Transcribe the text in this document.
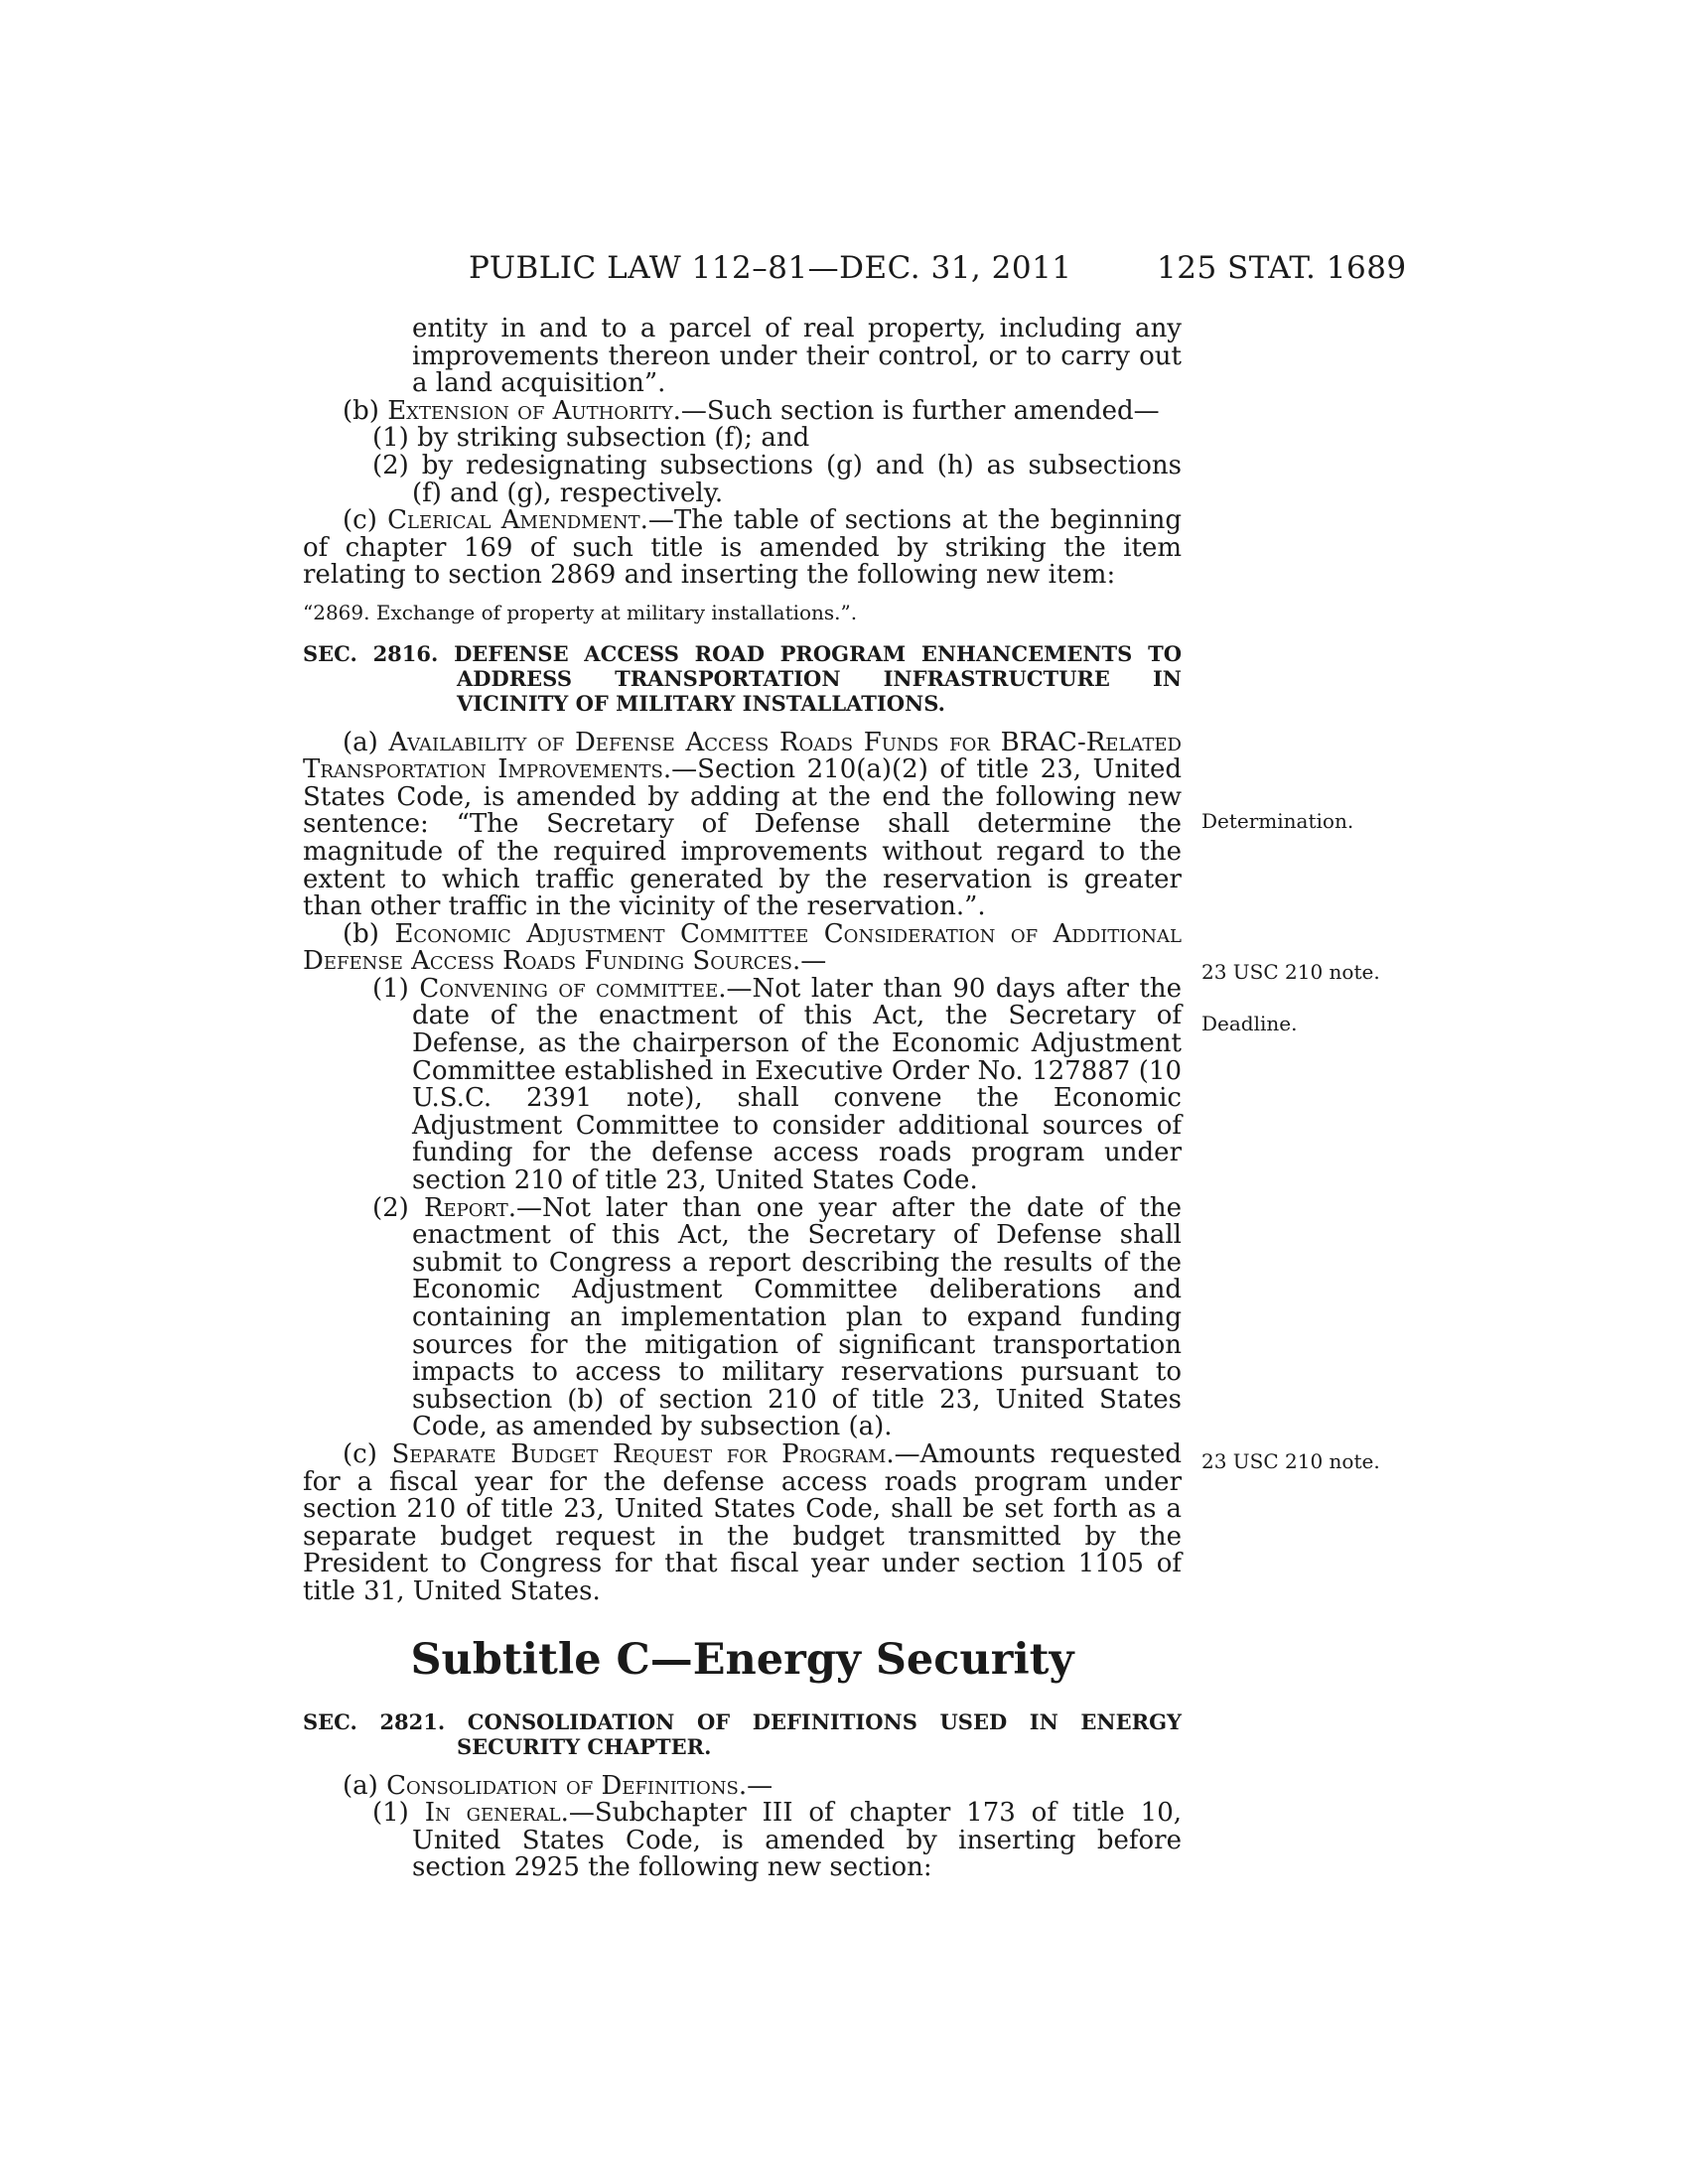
PUBLIC LAW 112–81—DEC. 31, 2011	125 STAT. 1689

entity in and to a parcel of real property, including any improvements thereon under their control, or to carry out a land acquisition”.

(b) Extension of Authority.—Such section is further amended—

(1) by striking subsection (f); and

(2) by redesignating subsections (g) and (h) as subsections (f) and (g), respectively.

(c) Clerical Amendment.—The table of sections at the beginning of chapter 169 of such title is amended by striking the item relating to section 2869 and inserting the following new item:

“2869. Exchange of property at military installations.”.

SEC. 2816. DEFENSE ACCESS ROAD PROGRAM ENHANCEMENTS TO ADDRESS TRANSPORTATION INFRASTRUCTURE IN VICINITY OF MILITARY INSTALLATIONS.

(a) Availability of Defense Access Roads Funds for BRAC-Related Transportation Improvements.—Section 210(a)(2) of title 23, United States Code, is amended by adding at the end the following new sentence: “The Secretary of Defense shall determine the magnitude of the required improvements without regard to the extent to which traffic generated by the reservation is greater than other traffic in the vicinity of the reservation.”.

(b) Economic Adjustment Committee Consideration of Additional Defense Access Roads Funding Sources.—

(1) Convening of committee.—Not later than 90 days after the date of the enactment of this Act, the Secretary of Defense, as the chairperson of the Economic Adjustment Committee established in Executive Order No. 127887 (10 U.S.C. 2391 note), shall convene the Economic Adjustment Committee to consider additional sources of funding for the defense access roads program under section 210 of title 23, United States Code.

(2) Report.—Not later than one year after the date of the enactment of this Act, the Secretary of Defense shall submit to Congress a report describing the results of the Economic Adjustment Committee deliberations and containing an implementation plan to expand funding sources for the mitigation of significant transportation impacts to access to military reservations pursuant to subsection (b) of section 210 of title 23, United States Code, as amended by subsection (a).

(c) Separate Budget Request for Program.—Amounts requested for a fiscal year for the defense access roads program under section 210 of title 23, United States Code, shall be set forth as a separate budget request in the budget transmitted by the President to Congress for that fiscal year under section 1105 of title 31, United States.

Subtitle C—Energy Security

SEC. 2821. CONSOLIDATION OF DEFINITIONS USED IN ENERGY SECURITY CHAPTER.

(a) Consolidation of Definitions.—

(1) In general.—Subchapter III of chapter 173 of title 10, United States Code, is amended by inserting before section 2925 the following new section:

Determination.
23 USC 210 note.
Deadline.
23 USC 210 note.
